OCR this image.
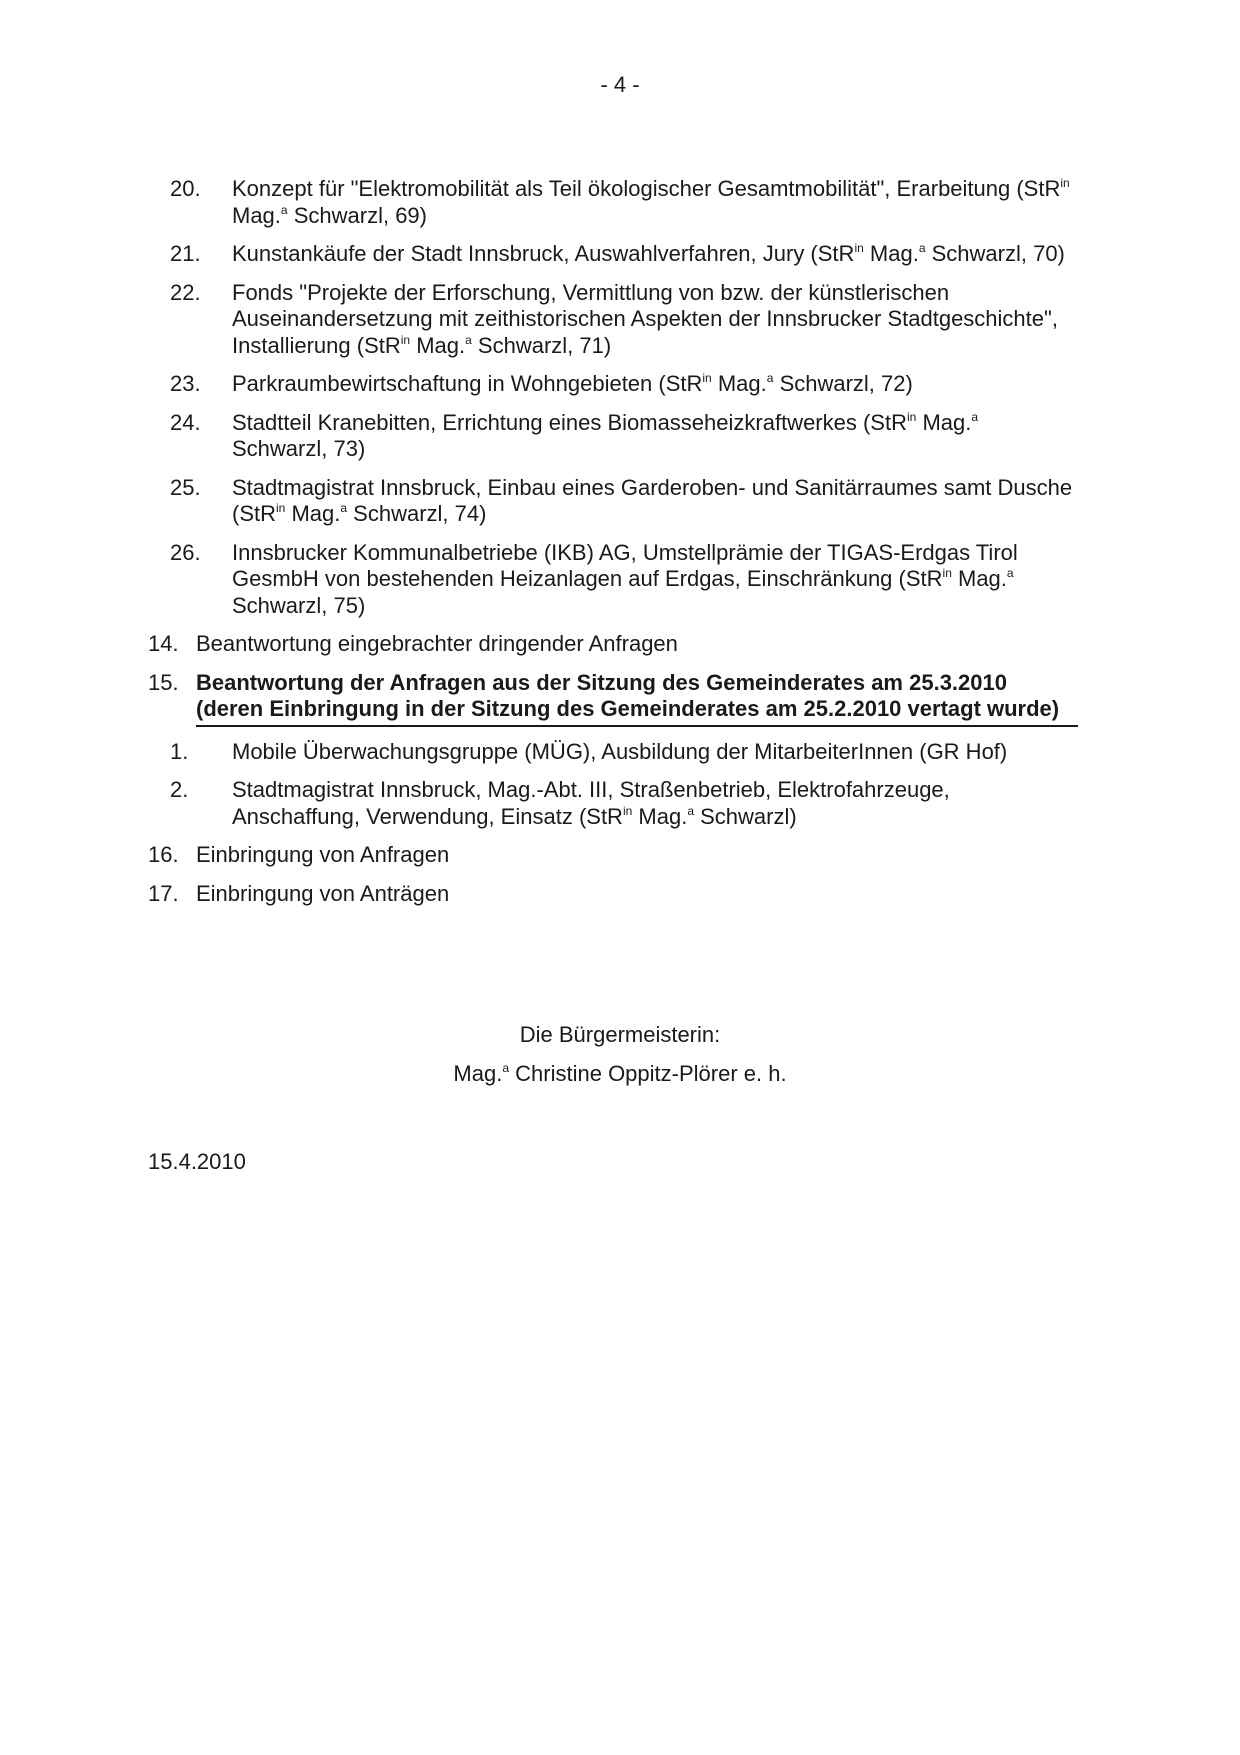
- 4 -
20.	Konzept für "Elektromobilität als Teil ökologischer Gesamtmobilität", Erarbeitung (StR$^{in}$ Mag.$^a$ Schwarzl, 69)
21.	Kunstankäufe der Stadt Innsbruck, Auswahlverfahren, Jury (StR$^{in}$ Mag.$^a$ Schwarzl, 70)
22.	Fonds "Projekte der Erforschung, Vermittlung von bzw. der künstlerischen Auseinandersetzung mit zeithistorischen Aspekten der Innsbrucker Stadtgeschichte", Installierung (StR$^{in}$ Mag.$^a$ Schwarzl, 71)
23.	Parkraumbewirtschaftung in Wohngebieten (StR$^{in}$ Mag.$^a$ Schwarzl, 72)
24.	Stadtteil Kranebitten, Errichtung eines Biomasseheizkraftwerkes (StR$^{in}$ Mag.$^a$ Schwarzl, 73)
25.	Stadtmagistrat Innsbruck, Einbau eines Garderoben- und Sanitärraumes samt Dusche (StR$^{in}$ Mag.$^a$ Schwarzl, 74)
26.	Innsbrucker Kommunalbetriebe (IKB) AG, Umstellprämie der TIGAS-Erdgas Tirol GesmbH von bestehenden Heizanlagen auf Erdgas, Einschränkung (StR$^{in}$ Mag.$^a$ Schwarzl, 75)
14. Beantwortung eingebrachter dringender Anfragen
15. Beantwortung der Anfragen aus der Sitzung des Gemeinderates am 25.3.2010 (deren Einbringung in der Sitzung des Gemeinderates am 25.2.2010 vertagt wurde)
1.	Mobile Überwachungsgruppe (MÜG), Ausbildung der MitarbeiterInnen (GR Hof)
2.	Stadtmagistrat Innsbruck, Mag.-Abt. III, Straßenbetrieb, Elektrofahrzeuge, Anschaffung, Verwendung, Einsatz (StR$^{in}$ Mag.$^a$ Schwarzl)
16. Einbringung von Anfragen
17. Einbringung von Anträgen
Die Bürgermeisterin:
Mag.$^a$ Christine Oppitz-Plörer e. h.
15.4.2010
